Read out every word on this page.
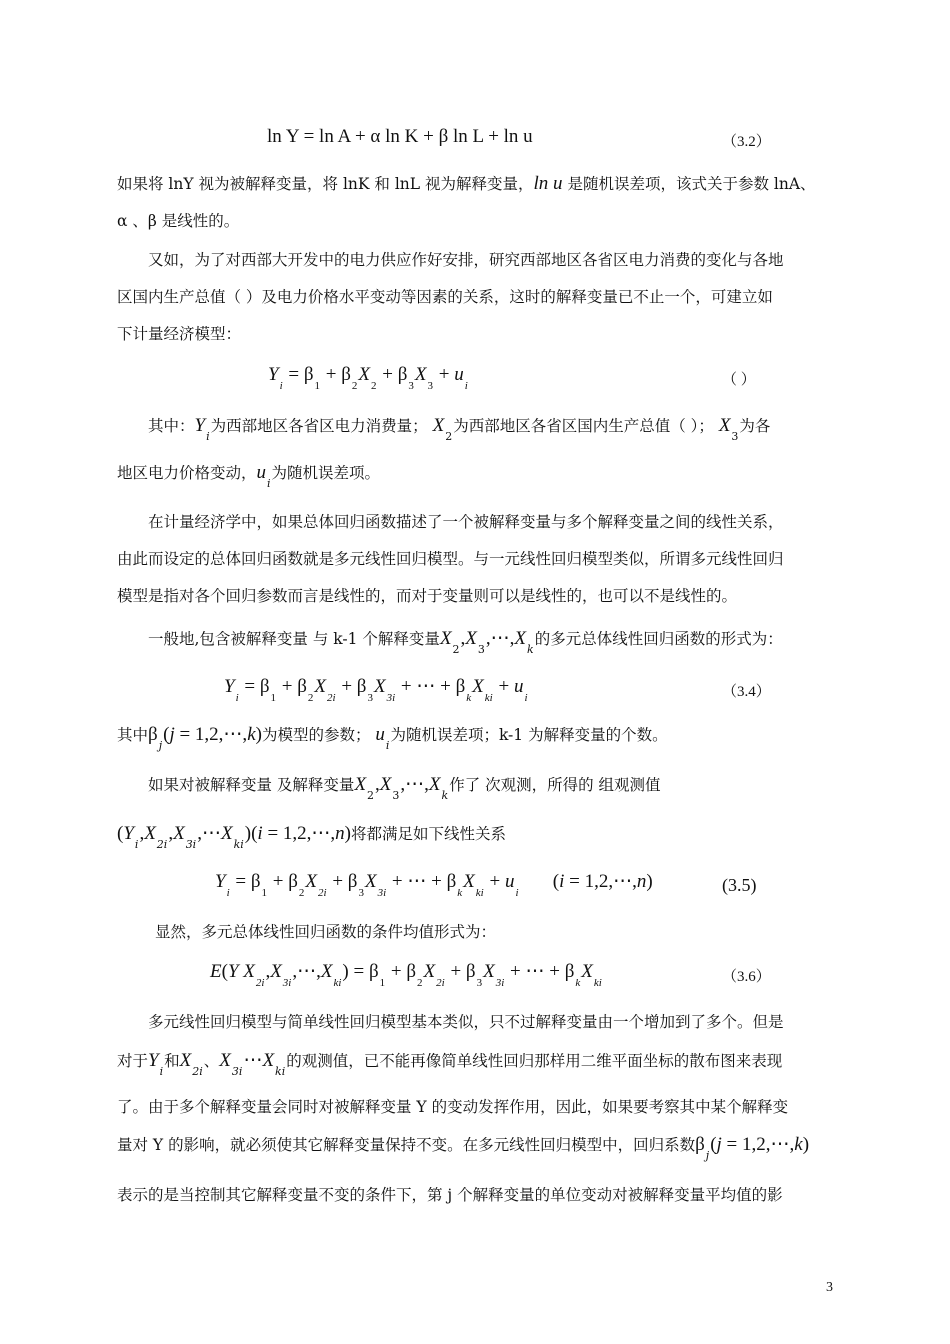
ln Y = ln A + α ln K + β ln L + ln u	（3.2）
如果将 lnY 视为被解释变量，将 lnK 和 lnL 视为解释变量，ln u 是随机误差项，该式关于参数 lnA、
α 、β 是线性的。
又如，为了对西部大开发中的电力供应作好安排，研究西部地区各省区电力消费的变化与各地
区国内生产总值（ ）及电力价格水平变动等因素的关系，这时的解释变量已不止一个，可建立如
下计量经济模型：
$Y_i = \beta_1 + \beta_2X_2 + \beta_3X_3 + u_i$	（ ）
其中：$Y_i$为西部地区各省区电力消费量； $X_2$为西部地区各省区国内生产总值（ ）； $X_3$为各
地区电力价格变动，$u_i$为随机误差项。
在计量经济学中，如果总体回归函数描述了一个被解释变量与多个解释变量之间的线性关系，
由此而设定的总体回归函数就是多元线性回归模型。与一元线性回归模型类似，所谓多元线性回归
模型是指对各个回归参数而言是线性的，而对于变量则可以是线性的，也可以不是线性的。
一般地,包含被解释变量 与 k-1 个解释变量$X_2,X_3,\cdots,X_k$的多元总体线性回归函数的形式为：
$Y_i = \beta_1 + \beta_2X_{2i} + \beta_3X_{3i}$ + ⋯ + $\beta_kX_{ki} + u_i$	（3.4）
其中$\beta_j(j$ = 1,2,⋯,k)为模型的参数； $u_i$为随机误差项；k-1 为解释变量的个数。
如果对被解释变量 及解释变量$X_2,X_3,\cdots,X_k$作了 次观测，所得的 组观测值
$(Y_i,X_{2i},X_{3i},\cdots X_{ki})(i$ = 1,2,⋯,n)将都满足如下线性关系
$Y_i = \beta_1 + \beta_2X_{2i} + \beta_3X_{3i}$ + ⋯ + $\beta_kX_{ki} + u_i$       (i = 1,2,⋯,n)	(3.5)
显然，多元总体线性回归函数的条件均值形式为：
E(Y $X_{2i},X_{3i},\cdots,X_{ki}) = \beta_1 + \beta_2X_{2i} + \beta_3X_{3i}$ + ⋯ + $\beta_kX_{ki}$	（3.6）
多元线性回归模型与简单线性回归模型基本类似，只不过解释变量由一个增加到了多个。但是
对于$Y_i$和$X_{2i}$、$X_{3i}\cdots X_{ki}$的观测值，已不能再像简单线性回归那样用二维平面坐标的散布图来表现
了。由于多个解释变量会同时对被解释变量 Y 的变动发挥作用，因此，如果要考察其中某个解释变
量对 Y 的影响，就必须使其它解释变量保持不变。在多元线性回归模型中，回归系数$\beta_j(j$ = 1,2,⋯,k)
表示的是当控制其它解释变量不变的条件下，第 j 个解释变量的单位变动对被解释变量平均值的影
3
